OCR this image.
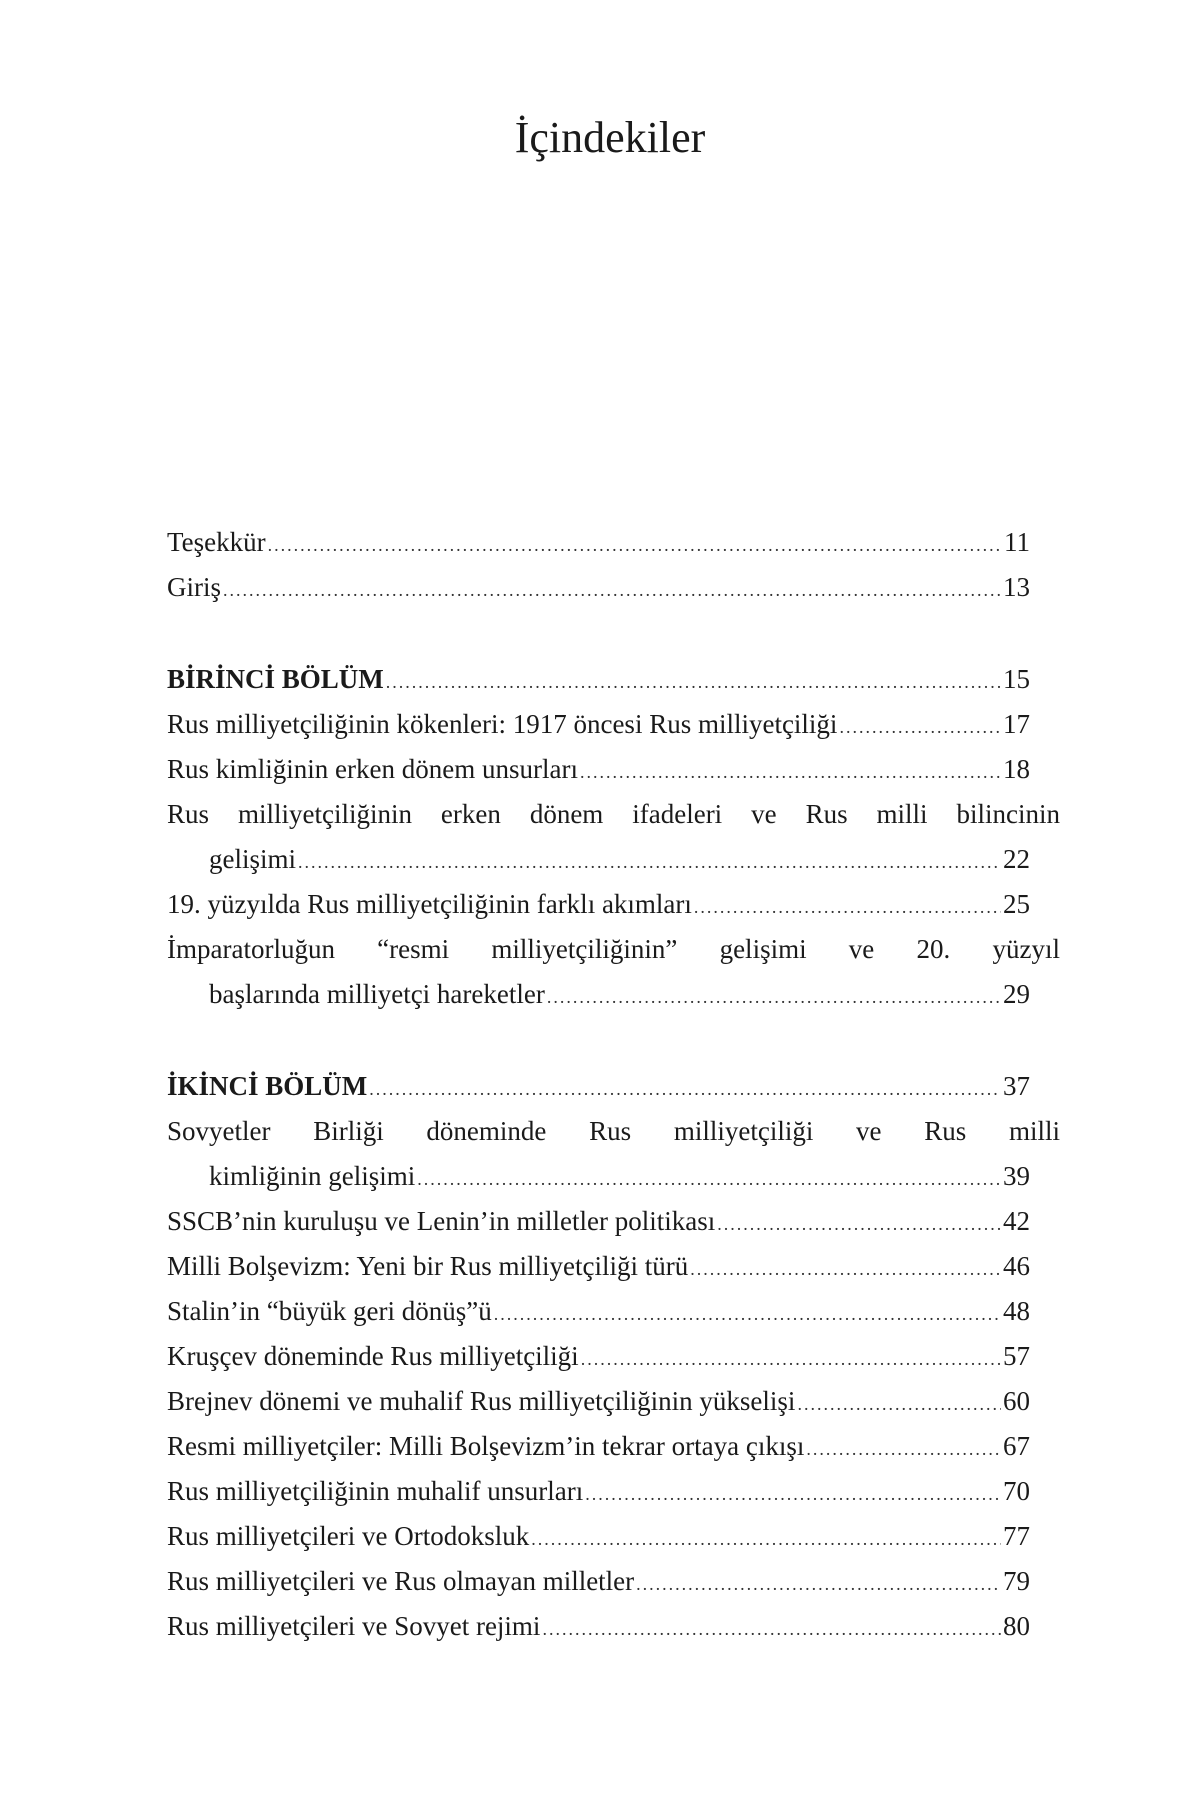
İçindekiler
Teşekkür .....	11
Giriş .....	13
BİRİNCİ BÖLÜM .....	15
Rus milliyetçiliğinin kökenleri: 1917 öncesi Rus milliyetçiliği .....	17
Rus kimliğinin erken dönem unsurları .....	18
Rus milliyetçiliğinin erken dönem ifadeleri ve Rus milli bilincinin
gelişimi .....	22
19. yüzyılda Rus milliyetçiliğinin farklı akımları .....	25
İmparatorluğun “resmi milliyetçiliğinin” gelişimi ve 20. yüzyıl
başlarında milliyetçi hareketler .....	29
İKİNCİ BÖLÜM .....	37
Sovyetler Birliği döneminde Rus milliyetçiliği ve Rus milli
kimliğinin gelişimi .....	39
SSCB’nin kuruluşu ve Lenin’in milletler politikası .....	42
Milli Bolşevizm: Yeni bir Rus milliyetçiliği türü .....	46
Stalin’in “büyük geri dönüş”ü .....	48
Kruşçev döneminde Rus milliyetçiliği .....	57
Brejnev dönemi ve muhalif Rus milliyetçiliğinin yükselişi .....	60
Resmi milliyetçiler: Milli Bolşevizm’in tekrar ortaya çıkışı .....	67
Rus milliyetçiliğinin muhalif unsurları .....	70
Rus milliyetçileri ve Ortodoksluk .....	77
Rus milliyetçileri ve Rus olmayan milletler .....	79
Rus milliyetçileri ve Sovyet rejimi .....	80
